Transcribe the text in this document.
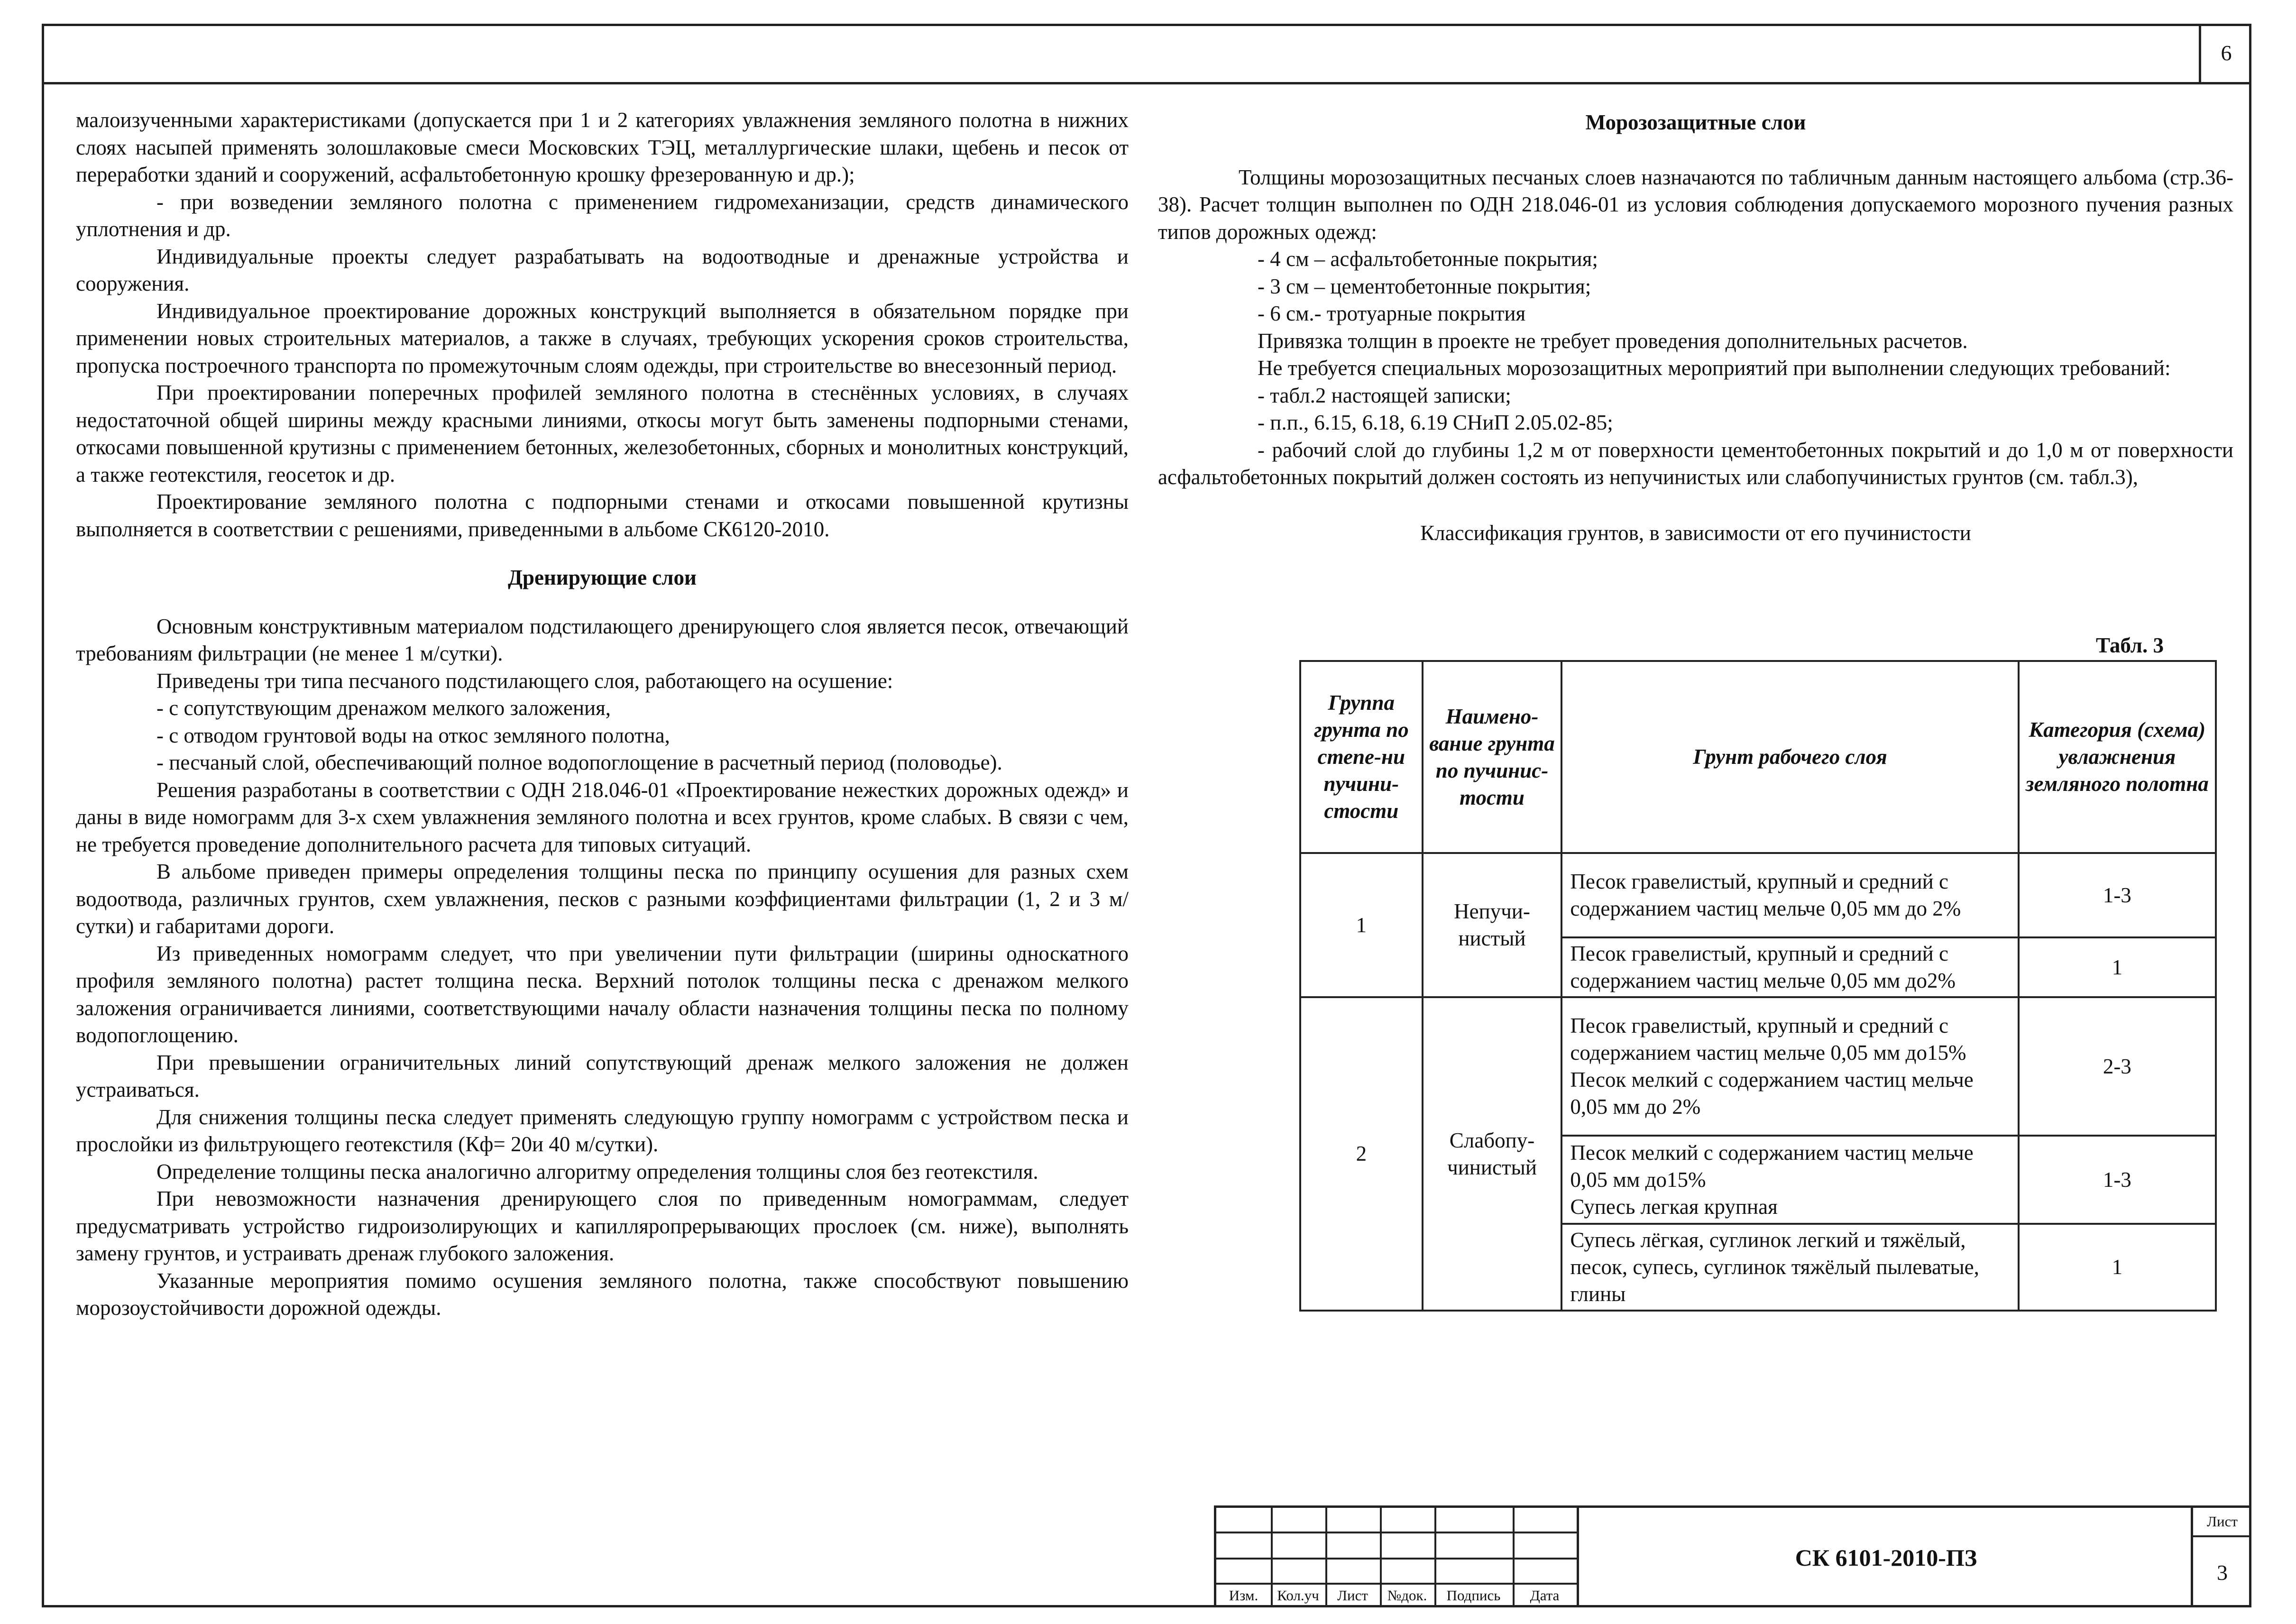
6

малоизученными характеристиками (допускается при 1 и 2 категориях увлажнения земляного полотна в нижних слоях насыпей применять золошлаковые смеси Московских ТЭЦ, металлургические шлаки, щебень и песок от переработки зданий и сооружений, асфальтобетонную крошку фрезерованную и др.);

- при возведении земляного полотна с применением гидромеханизации, средств динамического уплотнения и др.

Индивидуальные проекты следует разрабатывать на водоотводные и дренажные устройства и сооружения.

Индивидуальное проектирование дорожных конструкций выполняется в обязательном порядке при применении новых строительных материалов, а также в случаях, требующих ускорения сроков строительства, пропуска построечного транспорта по промежуточным слоям одежды, при строительстве во внесезонный период.

При проектировании поперечных профилей земляного полотна в стеснённых условиях, в случаях недостаточной общей ширины между красными линиями, откосы могут быть заменены подпорными стенами, откосами повышенной крутизны с применением бетонных, железобетонных, сборных и монолитных конструкций, а также геотекстиля, геосеток и др.

Проектирование земляного полотна с подпорными стенами и откосами повышенной крутизны выполняется в соответствии с решениями, приведенными в альбоме СК6120-2010.

Дренирующие слои

Основным конструктивным материалом подстилающего дренирующего слоя является песок, отвечающий требованиям фильтрации (не менее 1 м/сутки).

Приведены три типа песчаного подстилающего слоя, работающего на осушение:

- с сопутствующим дренажом мелкого заложения,

- с отводом грунтовой воды на откос земляного полотна,

- песчаный слой, обеспечивающий полное водопоглощение в расчетный период (половодье).

Решения разработаны в соответствии с ОДН 218.046-01 «Проектирование нежестких дорожных одежд» и даны в виде номограмм для 3-х схем увлажнения земляного полотна и всех грунтов, кроме слабых. В связи с чем, не требуется проведение дополнительного расчета для типовых ситуаций.

В альбоме приведен примеры определения толщины песка по принципу осушения для разных схем водоотвода, различных грунтов, схем увлажнения, песков с разными коэффициентами фильтрации (1, 2 и 3 м/сутки) и габаритами дороги.

Из приведенных номограмм следует, что при увеличении пути фильтрации (ширины односкатного профиля земляного полотна) растет толщина песка. Верхний потолок толщины песка с дренажом мелкого заложения ограничивается линиями, соответствующими началу области назначения толщины песка по полному водопоглощению.

При превышении ограничительных линий сопутствующий дренаж мелкого заложения не должен устраиваться.

Для снижения толщины песка следует применять следующую группу номограмм с устройством песка и прослойки из фильтрующего геотекстиля (Кф= 20и 40 м/сутки).

Определение толщины песка аналогично алгоритму определения толщины слоя без геотекстиля.

При невозможности назначения дренирующего слоя по приведенным номограммам, следует предусматривать устройство гидроизолирующих и капилляропрерывающих прослоек (см. ниже), выполнять замену грунтов, и устраивать дренаж глубокого заложения.

Указанные мероприятия помимо осушения земляного полотна, также способствуют повышению морозоустойчивости дорожной одежды.

Морозозащитные слои

Толщины морозозащитных песчаных слоев назначаются по табличным данным настоящего альбома (стр.36-38). Расчет толщин выполнен по ОДН 218.046-01 из условия соблюдения допускаемого морозного пучения разных типов дорожных одежд:

- 4 см – асфальтобетонные покрытия;

- 3 см – цементобетонные покрытия;

- 6 см.- тротуарные покрытия

Привязка толщин в проекте не требует проведения дополнительных расчетов.

Не требуется специальных морозозащитных мероприятий при выполнении следующих требований:

- табл.2 настоящей записки;

- п.п., 6.15, 6.18, 6.19 СНиП 2.05.02-85;

- рабочий слой до глубины 1,2 м от поверхности цементобетонных покрытий и до 1,0 м от поверхности асфальтобетонных покрытий должен состоять из непучинистых или слабопучинистых грунтов (см. табл.3),

Классификация грунтов, в зависимости от его пучинистости

Табл. 3
Группа грунта по степе-ни пучини-стости	Наимено-вание грунта по пучинис-тости	Грунт рабочего слоя	Категория (схема) увлажнения земляного полотна
1	Непучи-нистый	Песок гравелистый, крупный и средний с содержанием частиц мельче 0,05 мм до 2%	1-3
		Песок гравелистый, крупный и средний с содержанием частиц мельче 0,05 мм до2%	1
2	Слабопу-чинистый	Песок гравелистый, крупный и средний с содержанием частиц мельче 0,05 мм до15%
Песок мелкий с содержанием частиц мельче 0,05 мм до 2%	2-3

		Песок мелкий с содержанием частиц мельче 0,05 мм до15%
Супесь легкая крупная	1-3
		Супесь лёгкая, суглинок легкий и тяжёлый, песок, супесь, суглинок тяжёлый пылеватые, глины	1
Изм.	Кол.уч	Лист	№док.	Подпись	Дата
СК 6101-2010-ПЗ
Лист
3
